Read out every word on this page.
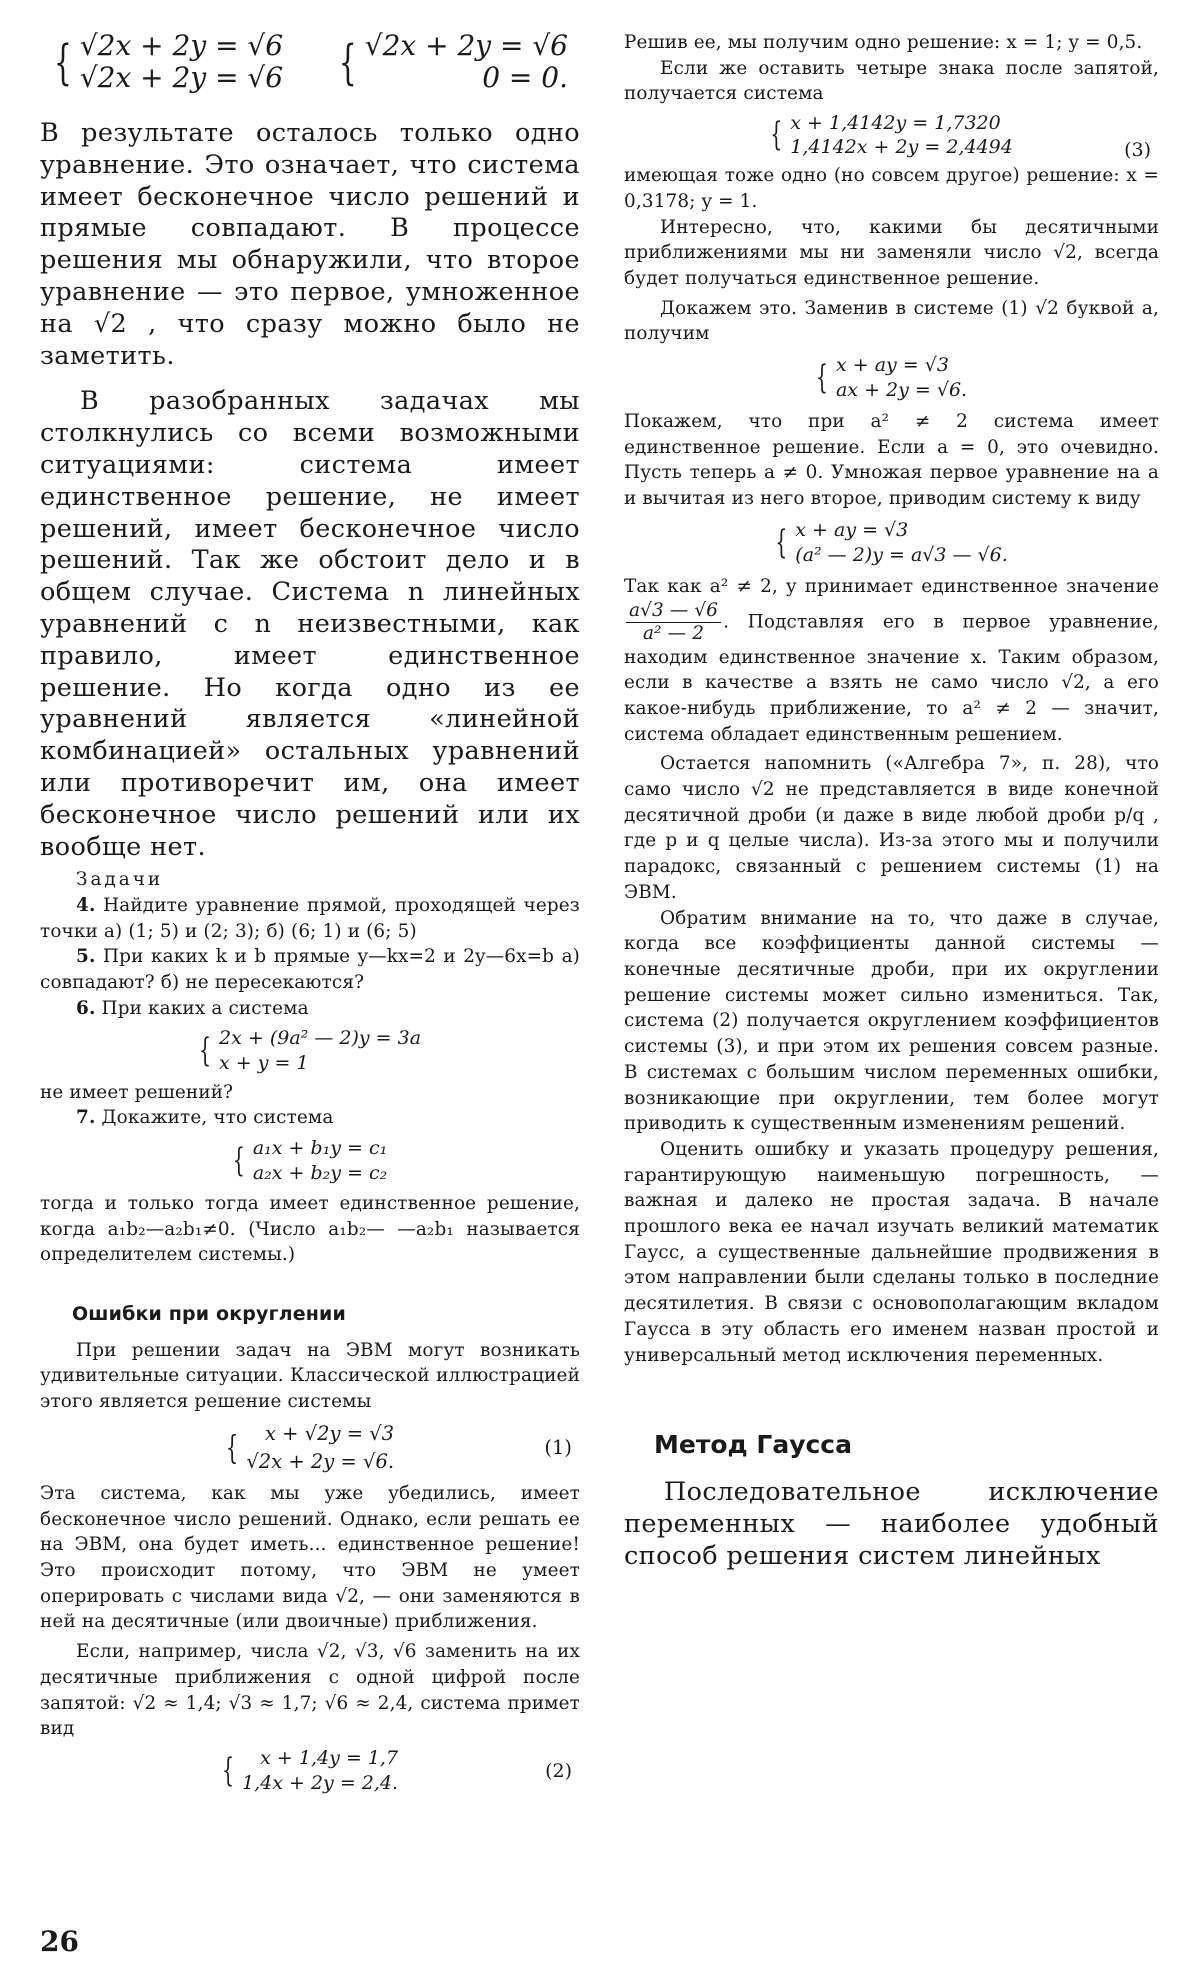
{ √2x + 2y = √6
√2x + 2y = √6 { √2x + 2y = √6
0 = 0.

В результате осталось только одно уравнение. Это означает, что система имеет бесконечное число решений и прямые совпадают. В процессе решения мы обнаружили, что второе уравнение — это первое, умноженное на √2 , что сразу можно было не заметить.

В разобранных задачах мы столкнулись со всеми возможными ситуациями: система имеет единственное решение, не имеет решений, имеет бесконечное число решений. Так же обстоит дело и в общем случае. Система n линейных уравнений с n неизвестными, как правило, имеет единственное решение. Но когда одно из ее уравнений является «линейной комбинацией» остальных уравнений или противоречит им, она имеет бесконечное число решений или их вообще нет.

Задачи

4. Найдите уравнение прямой, проходящей через точки а) (1; 5) и (2; 3); б) (6; 1) и (6; 5)

5. При каких k и b прямые y—kx=2 и 2y—6x=b а) совпадают? б) не пересекаются?

6. При каких a система

{ 2x + (9a² — 2)y = 3a
x + y = 1

не имеет решений?

7. Докажите, что система

{ a₁x + b₁y = c₁
a₂x + b₂y = c₂

тогда и только тогда имеет единственное решение, когда a₁b₂—a₂b₁≠0. (Число a₁b₂— —a₂b₁ называется определителем системы.)

Ошибки при округлении

При решении задач на ЭВМ могут возникать удивительные ситуации. Классической иллюстрацией этого является решение системы

{	x + √2y = √3
√2x + 2y = √6.
(1)

Эта система, как мы уже убедились, имеет бесконечное число решений. Однако, если решать ее на ЭВМ, она будет иметь... единственное решение! Это происходит потому, что ЭВМ не умеет оперировать с числами вида √2, — они заменяются в ней на десятичные (или двоичные) приближения.

Если, например, числа √2, √3, √6 заменить на их десятичные приближения с одной цифрой после запятой: √2 ≈ 1,4; √3 ≈ 1,7; √6 ≈ 2,4, система примет вид

{	x + 1,4y = 1,7
1,4x + 2y = 2,4.
(2)

Решив ее, мы получим одно решение: x = 1; y = 0,5.

Если же оставить четыре знака после запятой, получается система

{ x + 1,4142y = 1,7320
1,4142x + 2y = 2,4494	(3)

имеющая тоже одно (но совсем другое) решение: x = 0,3178; y = 1.

Интересно, что, какими бы десятичными приближениями мы ни заменяли число √2, всегда будет получаться единственное решение.

Докажем это. Заменив в системе (1) √2 буквой a, получим

{ x + ay = √3
ax + 2y = √6.

Покажем, что при a² ≠ 2 система имеет единственное решение. Если a = 0, это очевидно. Пусть теперь a ≠ 0. Умножая первое уравнение на a и вычитая из него второе, приводим систему к виду

{ x + ay = √3
(a² — 2)y = a√3 — √6.

Так как a² ≠ 2, y принимает единственное значение
$\frac{a√3 — √6}{\text{a² — 2}}$ . Подставляя его в первое уравнение, находим единственное значение x. Таким образом, если в качестве a взять не само число √2, а его какое-нибудь приближение, то a² ≠ 2 — значит, система обладает единственным решением.

Остается напомнить («Алгебра 7», п. 28), что само число √2 не представляется в виде конечной десятичной дроби (и даже в виде любой дроби p/q , где p и q целые числа). Из-за этого мы и получили парадокс, связанный с решением системы (1) на ЭВМ.

Обратим внимание на то, что даже в случае, когда все коэффициенты данной системы — конечные десятичные дроби, при их округлении решение системы может сильно измениться. Так, система (2) получается округлением коэффициентов системы (3), и при этом их решения совсем разные. В системах с большим числом переменных ошибки, возникающие при округлении, тем более могут приводить к существенным изменениям решений.

Оценить ошибку и указать процедуру решения, гарантирующую наименьшую погрешность, — важная и далеко не простая задача. В начале прошлого века ее начал изучать великий математик Гаусс, а существенные дальнейшие продвижения в этом направлении были сделаны только в последние десятилетия. В связи с основополагающим вкладом Гаусса в эту область его именем назван простой и универсальный метод исключения переменных.

Метод Гаусса

Последовательное исключение переменных — наиболее удобный способ решения систем линейных

26
